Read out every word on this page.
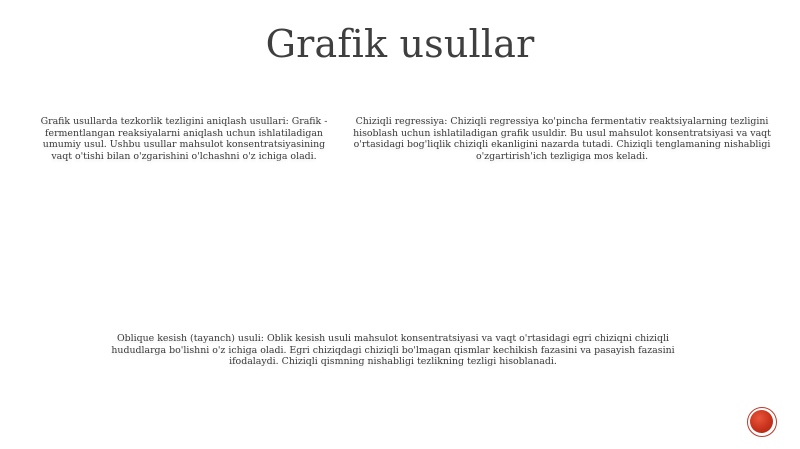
Grafik usullar
Grafik usullarda tezkorlik tezligini aniqlash usullari: Grafik - fermentlangan reaksiyalarni aniqlash uchun ishlatiladigan umumiy usul. Ushbu usullar mahsulot konsentratsiyasining vaqt o'tishi bilan o'zgarishini o'lchashni o'z ichiga oladi.
Chiziqli regressiya: Chiziqli regressiya ko'pincha fermentativ reaktsiyalarning tezligini hisoblash uchun ishlatiladigan grafik usuldir. Bu usul mahsulot konsentratsiyasi va vaqt o'rtasidagi bog'liqlik chiziqli ekanligini nazarda tutadi. Chiziqli tenglamaning nishabligi o'zgartirish'ich tezligiga mos keladi.
Oblique kesish (tayanch) usuli: Oblik kesish usuli mahsulot konsentratsiyasi va vaqt o'rtasidagi egri chiziqni chiziqli hududlarga bo'lishni o'z ichiga oladi. Egri chiziqdagi chiziqli bo'lmagan qismlar kechikish fazasini va pasayish fazasini ifodalaydi. Chiziqli qismning nishabligi tezlikning tezligi hisoblanadi.
